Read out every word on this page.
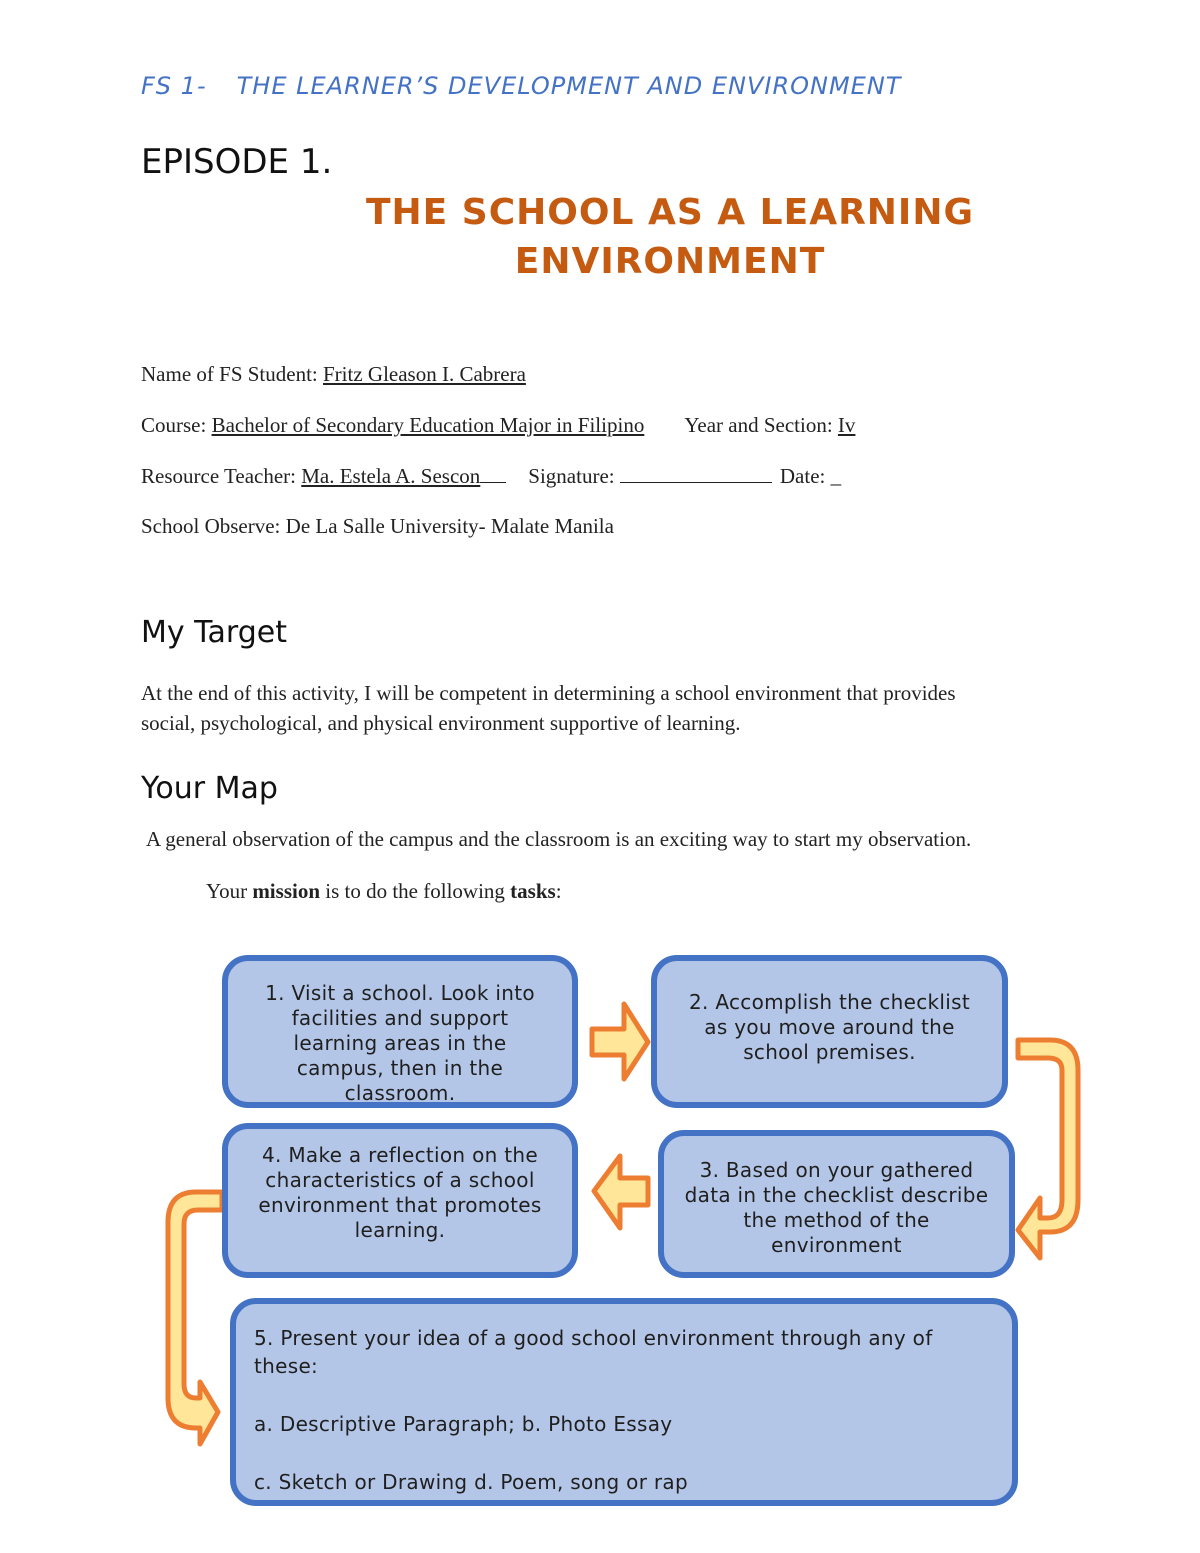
FS 1- THE LEARNER’S DEVELOPMENT AND ENVIRONMENT
EPISODE 1.
THE SCHOOL AS A LEARNING
ENVIRONMENT
Name of FS Student: Fritz Gleason I. Cabrera
Course: Bachelor of Secondary Education Major in Filipino Year and Section: Iv
Resource Teacher: Ma. Estela A. Sescon Signature:	Date: _
School Observe: De La Salle University- Malate Manila
My Target
At the end of this activity, I will be competent in determining a school environment that provides
social, psychological, and physical environment supportive of learning.
Your Map
A general observation of the campus and the classroom is an exciting way to start my observation.
Your mission is to do the following tasks:
1. Visit a school. Look into facilities and support learning areas in the campus, then in the classroom.
2. Accomplish the checklist as you move around the school premises.
4. Make a reflection on the characteristics of a school environment that promotes learning.
3. Based on your gathered data in the checklist describe the method of the environment

5. Present your idea of a good school environment through any of these:

a. Descriptive Paragraph; b. Photo Essay

c. Sketch or Drawing d. Poem, song or rap
